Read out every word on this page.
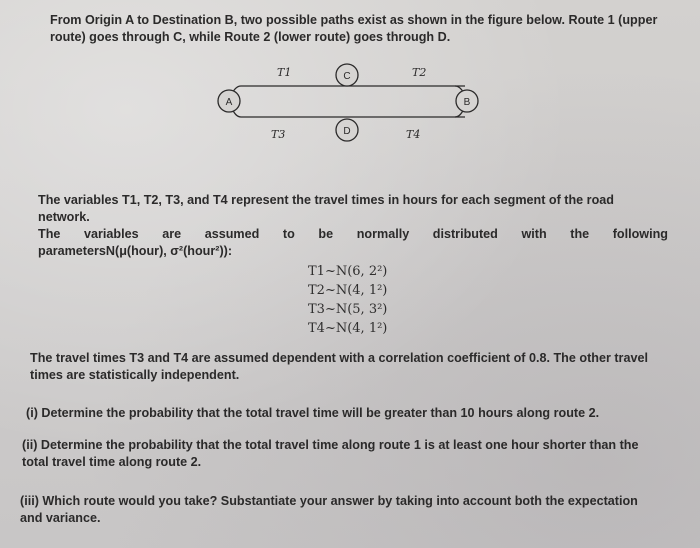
From Origin A to Destination B, two possible paths exist as shown in the figure below. Route 1 (upper
route) goes through C, while Route 2 (lower route) goes through D.
A
C
D
B
T1	T2
T3	T4
The variables T1, T2, T3, and T4 represent the travel times in hours for each segment of the road network.
The variables are assumed to be normally distributed with the following
parametersN(μ(hour), σ²(hour²)):
T1~N(6, 2²)
T2~N(4, 1²)
T3~N(5, 3²)
T4~N(4, 1²)
The travel times T3 and T4 are assumed dependent with a correlation coefficient of 0.8. The other travel
times are statistically independent.
(i) Determine the probability that the total travel time will be greater than 10 hours along route 2.
(ii) Determine the probability that the total travel time along route 1 is at least one hour shorter than the
total travel time along route 2.
(iii) Which route would you take? Substantiate your answer by taking into account both the expectation
and variance.
